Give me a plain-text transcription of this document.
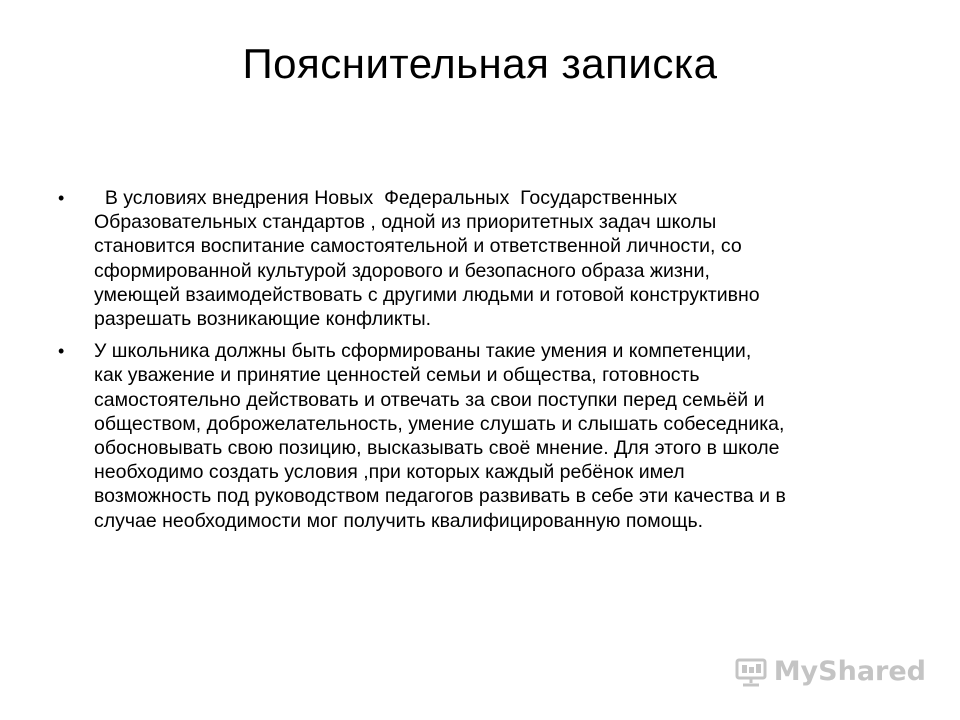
Пояснительная записка
• В условиях внедрения Новых  Федеральных  Государственных
Образовательных стандартов , одной из приоритетных задач школы
становится воспитание самостоятельной и ответственной личности, со
сформированной культурой здорового и безопасного образа жизни,
умеющей взаимодействовать с другими людьми и готовой конструктивно
разрешать возникающие конфликты.
• У школьника должны быть сформированы такие умения и компетенции,
как уважение и принятие ценностей семьи и общества, готовность
самостоятельно действовать и отвечать за свои поступки перед семьёй и
обществом, доброжелательность, умение слушать и слышать собеседника,
обосновывать свою позицию, высказывать своё мнение. Для этого в школе
необходимо создать условия ,при которых каждый ребёнок имел
возможность под руководством педагогов развивать в себе эти качества и в
случае необходимости мог получить квалифицированную помощь.
MyShared
